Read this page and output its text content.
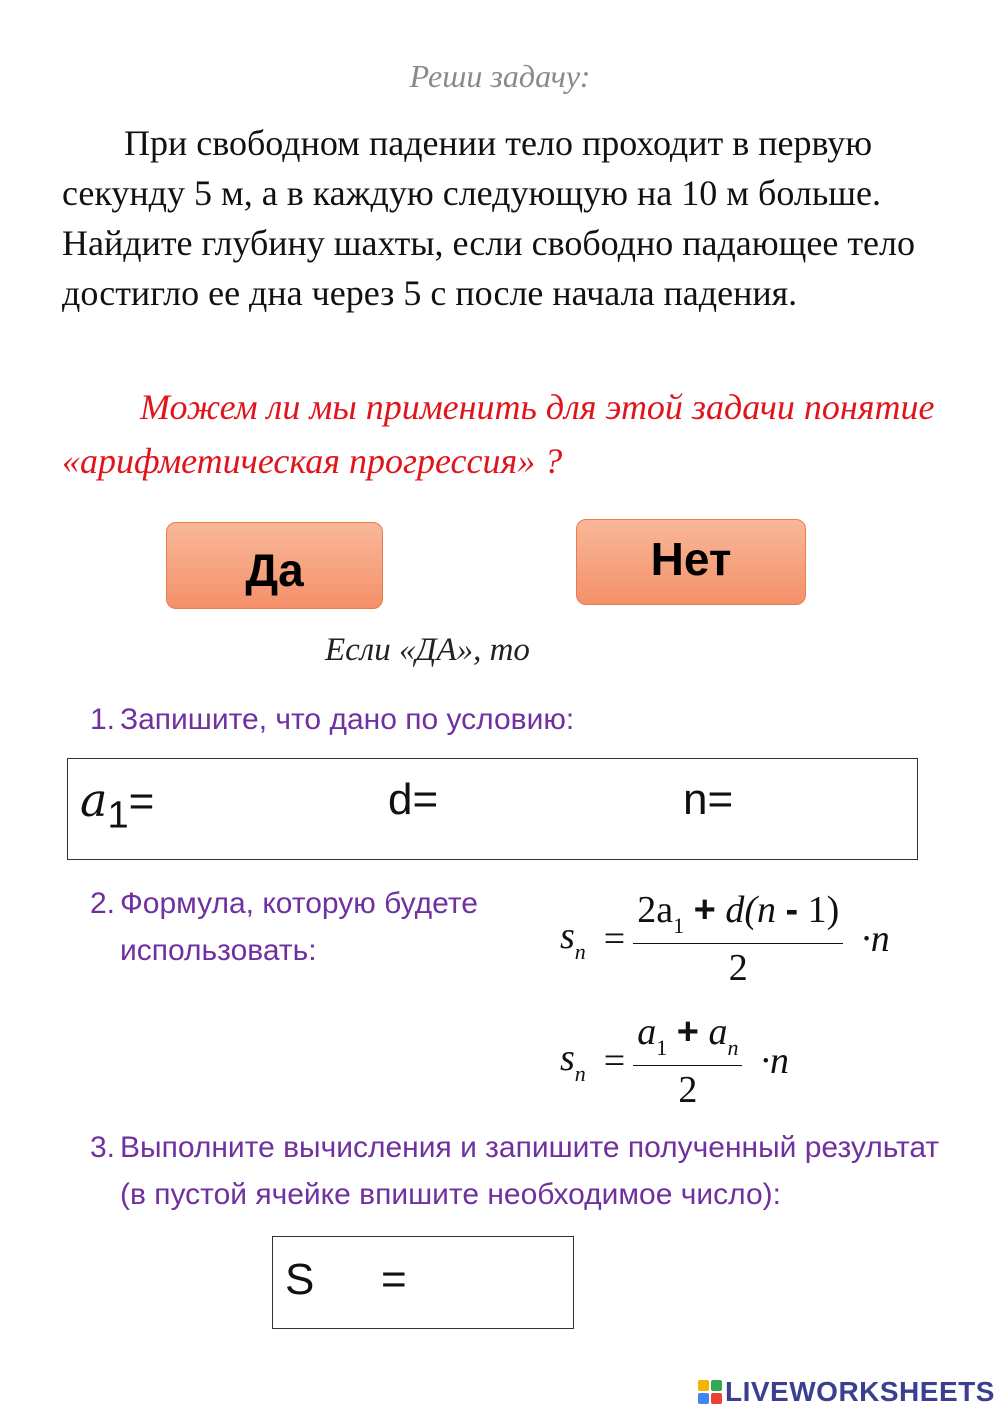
Реши задачу:

При свободном падении тело проходит в первую секунду 5 м, а в каждую следующую на 10 м больше. Найдите глубину шахты, если свободно падающее тело достигло ее дна через 5 с после начала падения.

Можем ли мы применить для этой задачи понятие «арифметическая прогрессия» ?

Да	Нет
Если «ДА», то
1. Запишите, что дано по условию:
$a_1=$	d=	n=
2. Формула, которую будете использовать:	$s_n = \frac{2a_1 + d(n - 1)}{2} \cdot n$
$s_n = \frac{a_1 + a_n}{2} \cdot n$
3. Выполните вычисления и запишите полученный результат (в пустой ячейке впишите необходимое число):
S =
LIVEWORKSHEETS
